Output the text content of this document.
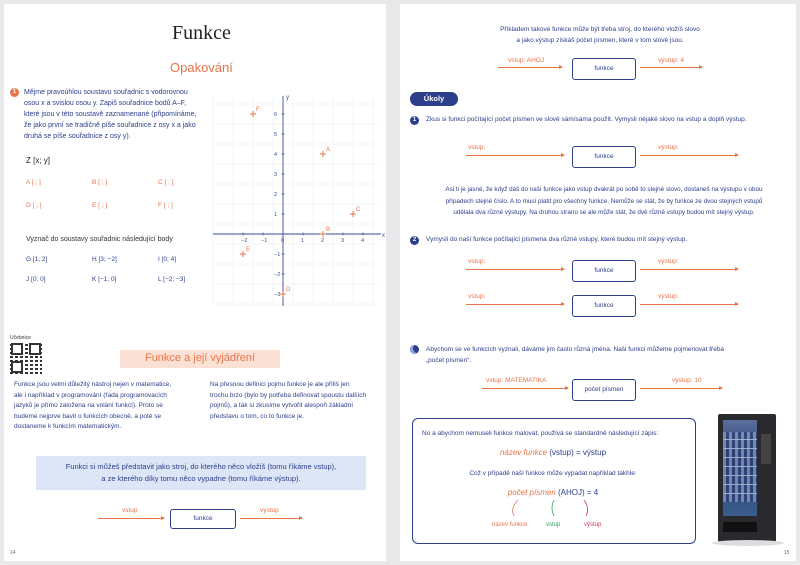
Funkce
Opakování
1	Mějme pravoúhlou soustavu souřadnic s vodorovnou
osou x a svislou osou y. Zapiš souřadnice bodů A–F,
které jsou v této soustavě zaznamenané (připomínáme,
že jako první se tradičně píše souřadnice z osy x a jako
druhá se píše souřadnice z osy y).
Z [x; y]
A [ ; ]	B [ ; ]	C [ ; ]
D [ ; ]	E [ ; ]	F [ ; ]
Vyznač do soustavy souřadnic následující body
G [1; 2]	H [3; −2]	I [0; 4]
J [0; 0]	K [−1; 0]	L [−2; −3]
x
y
−2 −1 0	1	2	3	4
6
5
4
3
2
1
−1
−2
−3
A
B
C
D
E
F
Učebnice
Funkce a její vyjádření
Funkce jsou velmi důležitý nástroj nejen v matematice,
ale i například v programování (řada programovacích
jazyků je přímo založena na volání funkcí). Proto se
budeme nejprve bavit o funkcích obecně, a poté se
dostaneme k funkcím matematickým.
Na přesnou definici pojmu funkce je ale příliš jen
trochu brzo (bylo by potřeba definovat spoustu dalších
pojmů), a tak si zkusíme vytvořit alespoň základní
představu o tom, co to funkce je.
Funkci si můžeš představit jako stroj, do kterého něco vložíš (tomu říkáme vstup),
a ze kterého díky tomu něco vypadne (tomu říkáme výstup).
vstup
funkce
výstup
14
Příkladem takové funkce může být třeba stroj, do kterého vložíš slovo
a jako výstup získáš počet písmen, které v tom slově jsou.
vstup: AHOJ
funkce
výstup: 4
Úkoly
1	Zkus si funkci počítající počet písmen ve slově sám/sama použít. Vymysli nějaké slovo na vstup a doplň výstup.
vstup:
funkce
výstup:
Asi ti je jasné, že když dáš do naší funkce jako vstup dvakrát po sobě to stejné slovo, dostaneš na výstupu v obou
případech stejné číslo. A to musí platit pro všechny funkce. Nemůže se stát, že by funkce ze dvou stejných vstupů
udělala dva různé výstupy. Na druhou stranu se ale může stát, že dvě různé vstupy budou mít stejný výstup.
2	Vymysli do naší funkce počítající písmena dva různé vstupy, které budou mít stejný výstup.
vstup:
funkce
výstup:
vstup:
funkce
výstup:
Abychom se ve funkcích vyznali, dáváme jim často různá jména. Naši funkci můžeme pojmenovat třeba
„počet písmen“.
vstup: MATEMATIKA
počet písmen
výstup: 10
No a abychom nemuseli funkce malovat, používá se standardně následující zápis:
název funkce (vstup) = výstup
Což v případě naší funkce může vypadat například takhle:
počet písmen (AHOJ) = 4
název funkce	vstup	výstup
15
